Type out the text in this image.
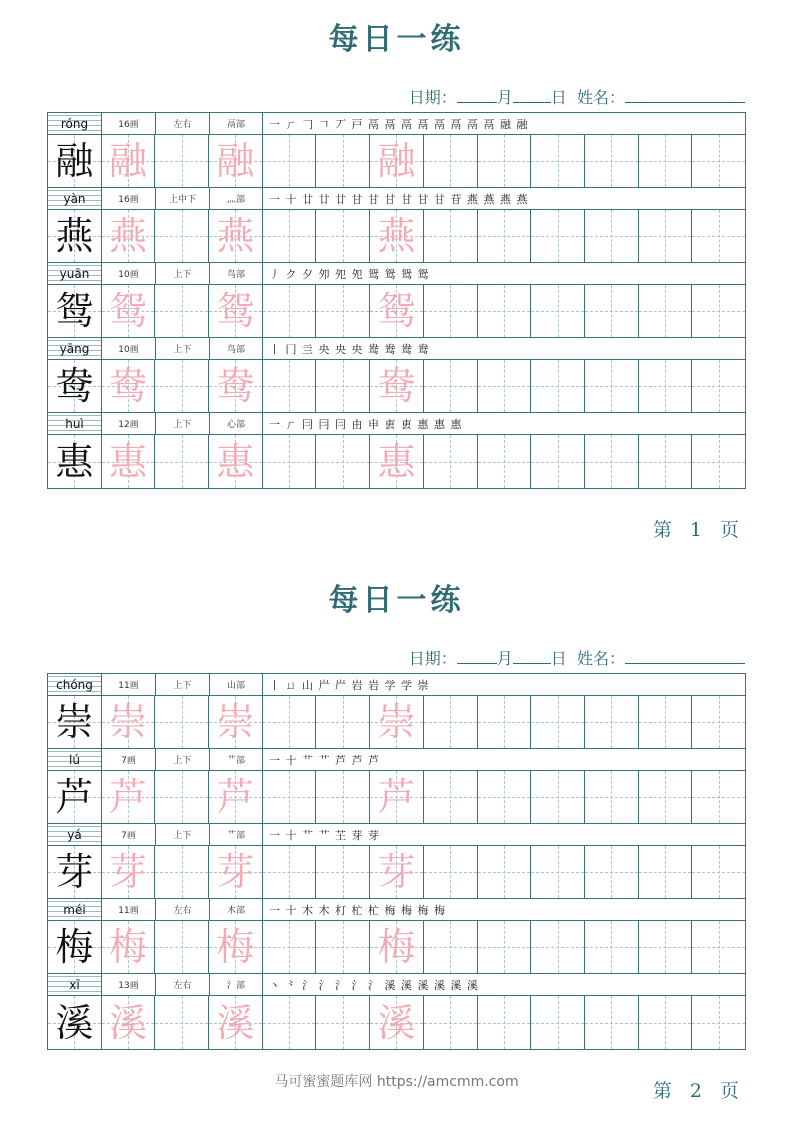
每日一练
日期：	月 日 姓名：
róng	16画	左右	鬲部	一 ㄏ 𠃌 𠃍 丆 戸 鬲 鬲 鬲 鬲 鬲 鬲 鬲 鬲 融 融
融 融 融	融
yàn	16画	上中下	灬部	一 十 廿 廿 廿 甘 甘 甘 甘 甘 甘 苷 燕 燕 燕 燕
燕 燕 燕	燕
yuān	10画	上下	鸟部	丿 ク 夕 夘 夗 夗 鸳 鸳 鸳 鸳
鸳 鸳 鸳	鸳
yāng	10画	上下	鸟部	丨 冂 亖 央 央 央 鸯 鸯 鸯 鸯
鸯 鸯 鸯	鸯
huì	12画	上下	心部	一 ㄏ 冃 冃 冃 由 申 叀 叀 惠 惠 惠
惠 惠 惠	惠
第 1 页
每日一练
日期：	月 日 姓名：
chóng	11画	上下	山部	丨 ㄩ 山 屵 屵 岩 岩 学 学 崇
崇 崇 崇	崇
lú	7画	上下	艹部	一 十 艹 艹 芦 芦 芦
芦 芦 芦	芦
yá	7画	上下	艹部	一 十 艹 艹 芏 芽 芽
芽 芽 芽	芽
méi	11画	左右	木部	一 十 木 木 朾 杧 杧 梅 梅 梅 梅
梅 梅 梅	梅
xī	13画	左右	氵部	丶 ⺀ 氵 氵 氵 氵 氵 溪 溪 溪 溪 溪 溪
溪 溪 溪	溪
第 2 页
马可蜜蜜题库网 https://amcmm.com
